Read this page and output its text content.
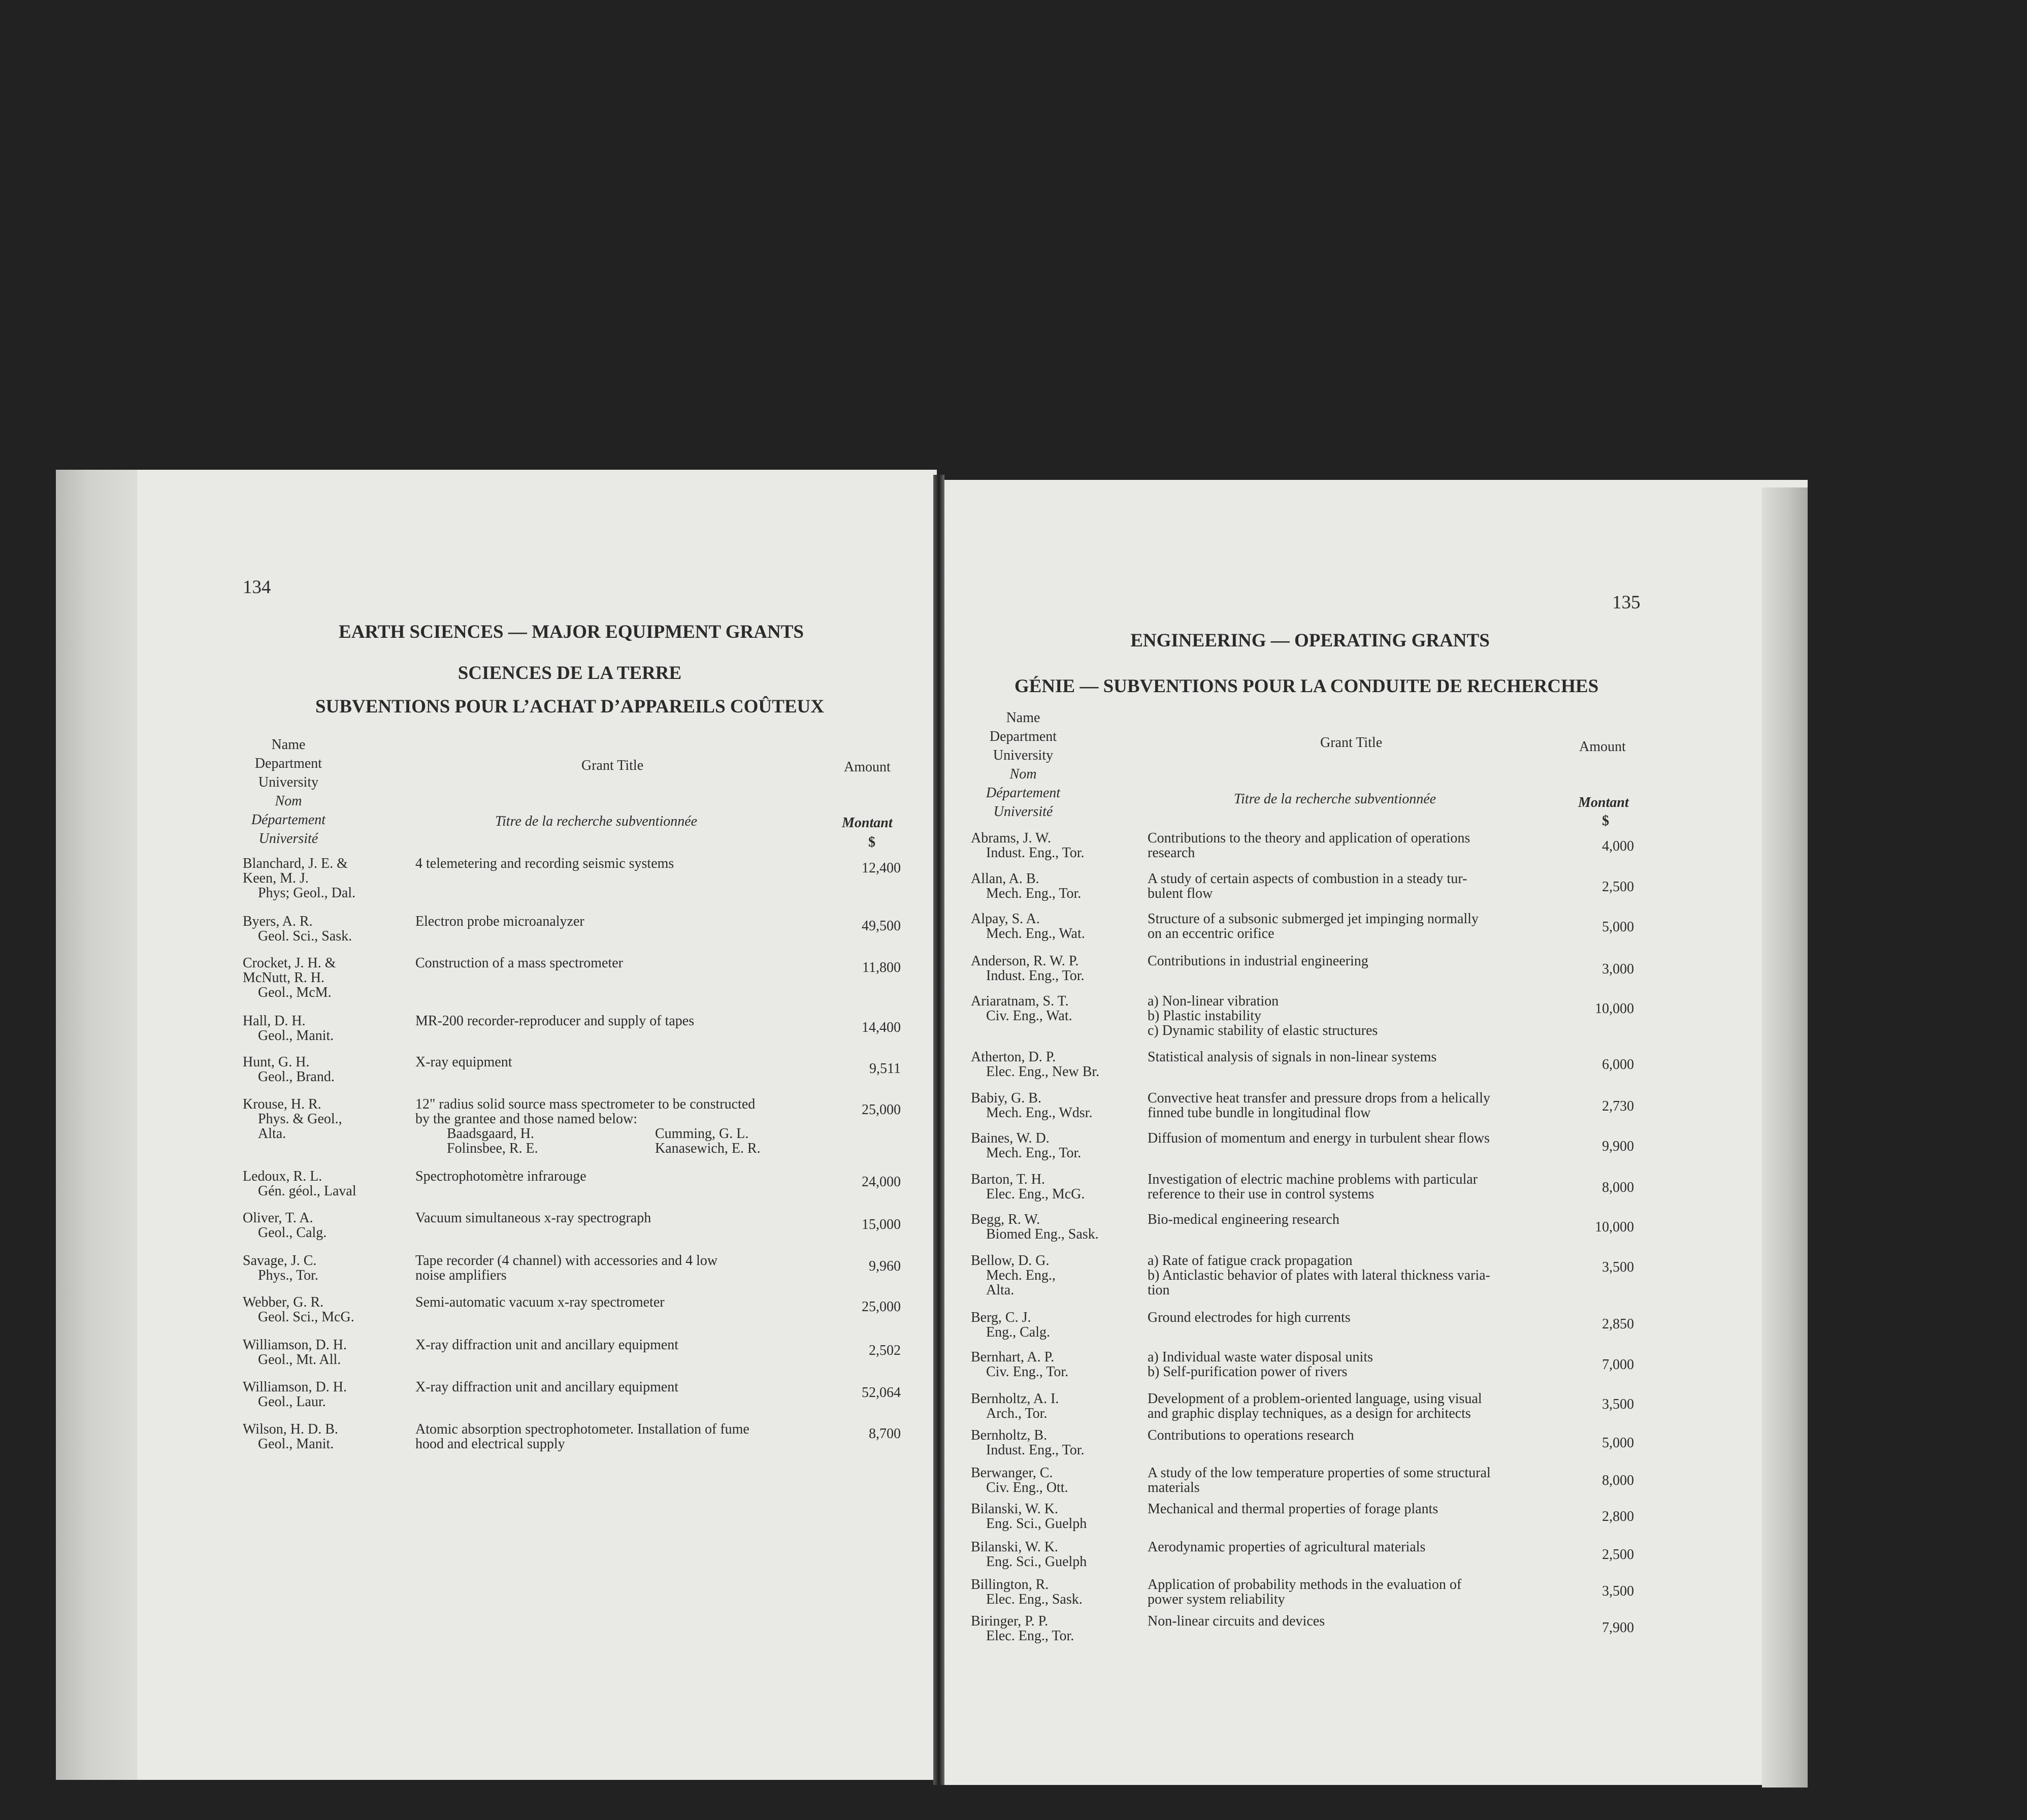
134
EARTH SCIENCES — MAJOR EQUIPMENT GRANTS
SCIENCES DE LA TERRE
SUBVENTIONS POUR L’ACHAT D’APPAREILS COÛTEUX
Name
Department
University
Nom
Département
Université
Grant Title
Titre de la recherche subventionnée
Amount
Montant
$
Blanchard, J. E. &
Keen, M. J.
Phys; Geol., Dal.
4 telemetering and recording seismic systems	12,400
Byers, A. R.
Geol. Sci., Sask.
Electron probe microanalyzer	49,500
Crocket, J. H. &
McNutt, R. H.
Geol., McM.
Construction of a mass spectrometer	11,800
Hall, D. H.
Geol., Manit.
MR-200 recorder-reproducer and supply of tapes	14,400
Hunt, G. H.
Geol., Brand.
X-ray equipment	9,511
Krouse, H. R.
Phys. & Geol.,
Alta.
12" radius solid source mass spectrometer to be constructed
by the grantee and those named below:
Baadsgaard, H.	Cumming, G. L.
Folinsbee, R. E.	Kanasewich, E. R.
25,000
Ledoux, R. L.
Gén. géol., Laval
Spectrophotomètre infrarouge	24,000
Oliver, T. A.
Geol., Calg.
Vacuum simultaneous x-ray spectrograph	15,000
Savage, J. C.
Phys., Tor.
Tape recorder (4 channel) with accessories and 4 low
noise amplifiers
9,960
Webber, G. R.
Geol. Sci., McG.
Semi-automatic vacuum x-ray spectrometer	25,000
Williamson, D. H.
Geol., Mt. All.
X-ray diffraction unit and ancillary equipment	2,502
Williamson, D. H.
Geol., Laur.
X-ray diffraction unit and ancillary equipment	52,064
Wilson, H. D. B.
Geol., Manit.
Atomic absorption spectrophotometer. Installation of fume
hood and electrical supply
8,700
135
ENGINEERING — OPERATING GRANTS
GÉNIE — SUBVENTIONS POUR LA CONDUITE DE RECHERCHES
Name
Department
University
Nom
Département
Université
Grant Title
Titre de la recherche subventionnée
Amount
Montant
$
Abrams, J. W.
Indust. Eng., Tor.
Contributions to the theory and application of operations
research	4,000
Allan, A. B.
Mech. Eng., Tor.
A study of certain aspects of combustion in a steady tur-
bulent flow	2,500
Alpay, S. A.
Mech. Eng., Wat.
Structure of a subsonic submerged jet impinging normally
on an eccentric orifice	5,000
Anderson, R. W. P.
Indust. Eng., Tor.
Contributions in industrial engineering
3,000
Ariaratnam, S. T.
Civ. Eng., Wat.
a) Non-linear vibration
b) Plastic instability
c) Dynamic stability of elastic structures
10,000
Atherton, D. P.
Elec. Eng., New Br.
Statistical analysis of signals in non-linear systems	6,000
Babiy, G. B.
Mech. Eng., Wdsr.
Convective heat transfer and pressure drops from a helically
finned tube bundle in longitudinal flow	2,730
Baines, W. D.
Mech. Eng., Tor.
Diffusion of momentum and energy in turbulent shear flows
9,900
Barton, T. H.
Elec. Eng., McG.
Investigation of electric machine problems with particular
reference to their use in control systems	8,000
Begg, R. W.
Biomed Eng., Sask.
Bio-medical engineering research	10,000
Bellow, D. G.
Mech. Eng.,
Alta.
a) Rate of fatigue crack propagation
b) Anticlastic behavior of plates with lateral thickness varia-
tion
3,500
Berg, C. J.
Eng., Calg.
Ground electrodes for high currents	2,850
Bernhart, A. P.
Civ. Eng., Tor.
a) Individual waste water disposal units
b) Self-purification power of rivers	7,000
Bernholtz, A. I.
Arch., Tor.
Development of a problem-oriented language, using visual
and graphic display techniques, as a design for architects
3,500
Bernholtz, B.
Indust. Eng., Tor.
Contributions to operations research	5,000
Berwanger, C.
Civ. Eng., Ott.
A study of the low temperature properties of some structural
materials	8,000
Bilanski, W. K.
Eng. Sci., Guelph
Mechanical and thermal properties of forage plants	2,800
Bilanski, W. K.
Eng. Sci., Guelph
Aerodynamic properties of agricultural materials	2,500
Billington, R.
Elec. Eng., Sask.
Application of probability methods in the evaluation of
power system reliability
3,500
Biringer, P. P.
Elec. Eng., Tor.
Non-linear circuits and devices	7,900
